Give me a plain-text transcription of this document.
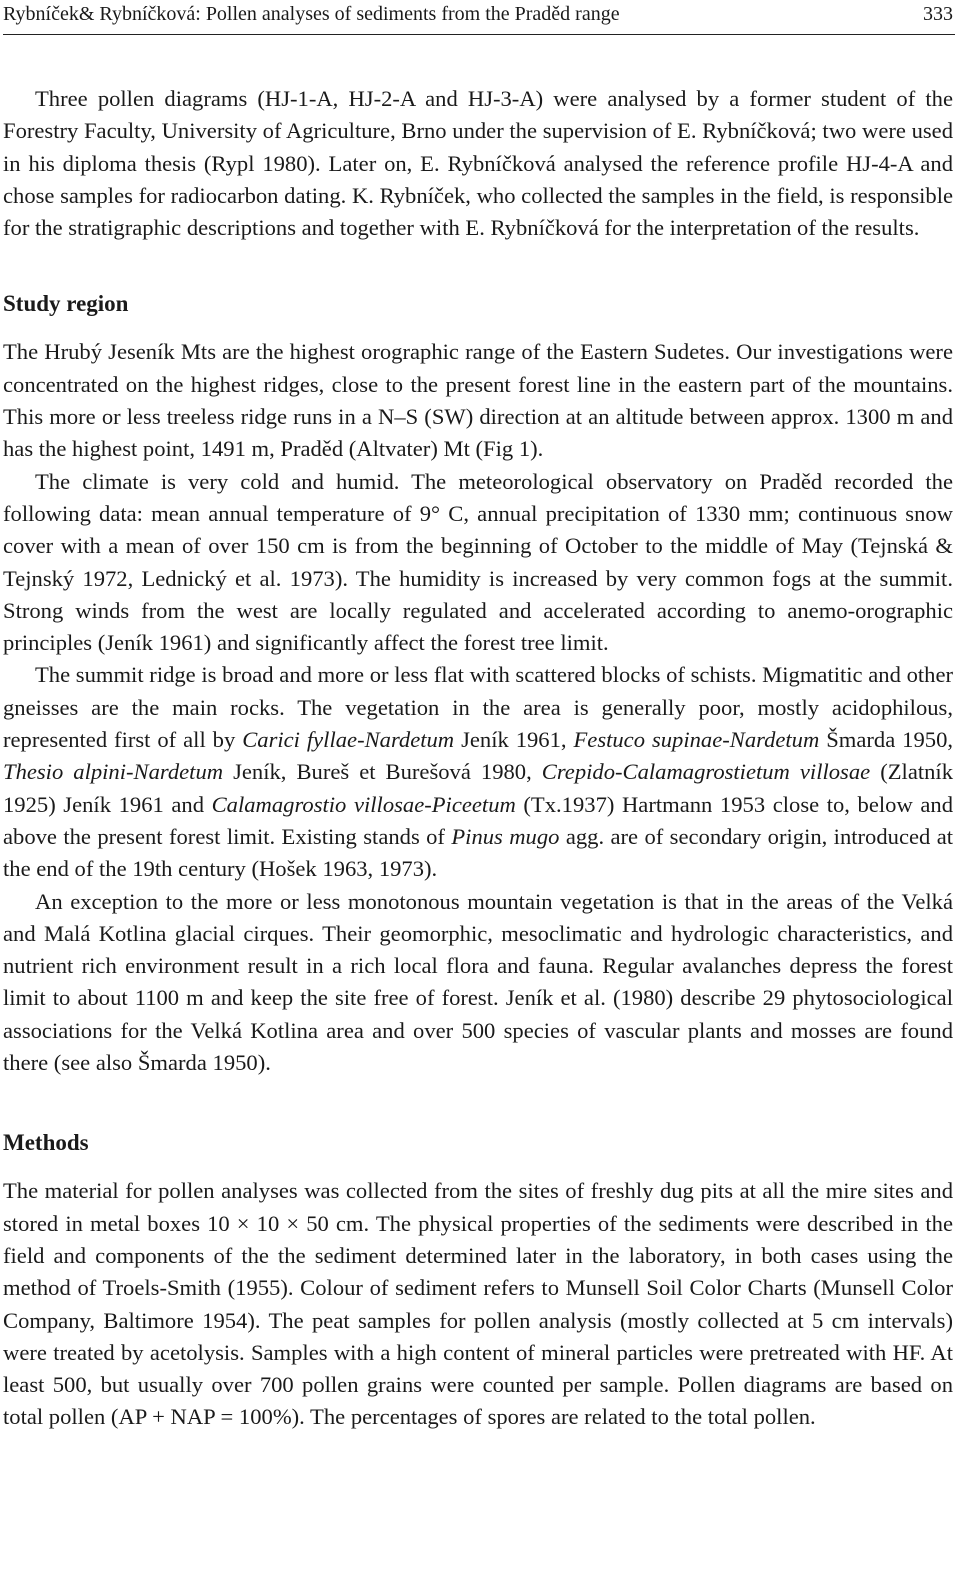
Rybníček& Rybníčková: Pollen analyses of sediments from the Praděd range	333

Three pollen diagrams (HJ-1-A, HJ-2-A and HJ-3-A) were analysed by a former student of the Forestry Faculty, University of Agriculture, Brno under the supervision of E. Rybníčková; two were used in his diploma thesis (Rypl 1980). Later on, E. Rybníčková analysed the reference profile HJ-4-A and chose samples for radiocarbon dating. K. Rybníček, who collected the samples in the field, is responsible for the stratigraphic descriptions and together with E. Rybníčková for the interpretation of the results.

Study region

The Hrubý Jeseník Mts are the highest orographic range of the Eastern Sudetes. Our investigations were concentrated on the highest ridges, close to the present forest line in the eastern part of the mountains. This more or less treeless ridge runs in a N–S (SW) direction at an altitude between approx. 1300 m and has the highest point, 1491 m, Praděd (Altvater) Mt (Fig 1).

The climate is very cold and humid. The meteorological observatory on Praděd recorded the following data: mean annual temperature of 9° C, annual precipitation of 1330 mm; continuous snow cover with a mean of over 150 cm is from the beginning of October to the middle of May (Tejnská & Tejnský 1972, Lednický et al. 1973). The humidity is increased by very common fogs at the summit. Strong winds from the west are locally regulated and accelerated according to anemo-orographic principles (Jeník 1961) and significantly affect the forest tree limit.

The summit ridge is broad and more or less flat with scattered blocks of schists. Migmatitic and other gneisses are the main rocks. The vegetation in the area is generally poor, mostly acidophilous, represented first of all by Carici fyllae-Nardetum Jeník 1961, Festuco supinae-Nardetum Šmarda 1950, Thesio alpini-Nardetum Jeník, Bureš et Burešová 1980, Crepido-Calamagrostietum villosae (Zlatník 1925) Jeník 1961 and Calamagrostio villosae-Piceetum (Tx.1937) Hartmann 1953 close to, below and above the present forest limit. Existing stands of Pinus mugo agg. are of secondary origin, introduced at the end of the 19th century (Hošek 1963, 1973).

An exception to the more or less monotonous mountain vegetation is that in the areas of the Velká and Malá Kotlina glacial cirques. Their geomorphic, mesoclimatic and hydrologic characteristics, and nutrient rich environment result in a rich local flora and fauna. Regular avalanches depress the forest limit to about 1100 m and keep the site free of forest. Jeník et al. (1980) describe 29 phytosociological associations for the Velká Kotlina area and over 500 species of vascular plants and mosses are found there (see also Šmarda 1950).

Methods

The material for pollen analyses was collected from the sites of freshly dug pits at all the mire sites and stored in metal boxes 10 × 10 × 50 cm. The physical properties of the sediments were described in the field and components of the the sediment determined later in the laboratory, in both cases using the method of Troels-Smith (1955). Colour of sediment refers to Munsell Soil Color Charts (Munsell Color Company, Baltimore 1954). The peat samples for pollen analysis (mostly collected at 5 cm intervals) were treated by acetolysis. Samples with a high content of mineral particles were pretreated with HF. At least 500, but usually over 700 pollen grains were counted per sample. Pollen diagrams are based on total pollen (AP + NAP = 100%). The percentages of spores are related to the total pollen.
